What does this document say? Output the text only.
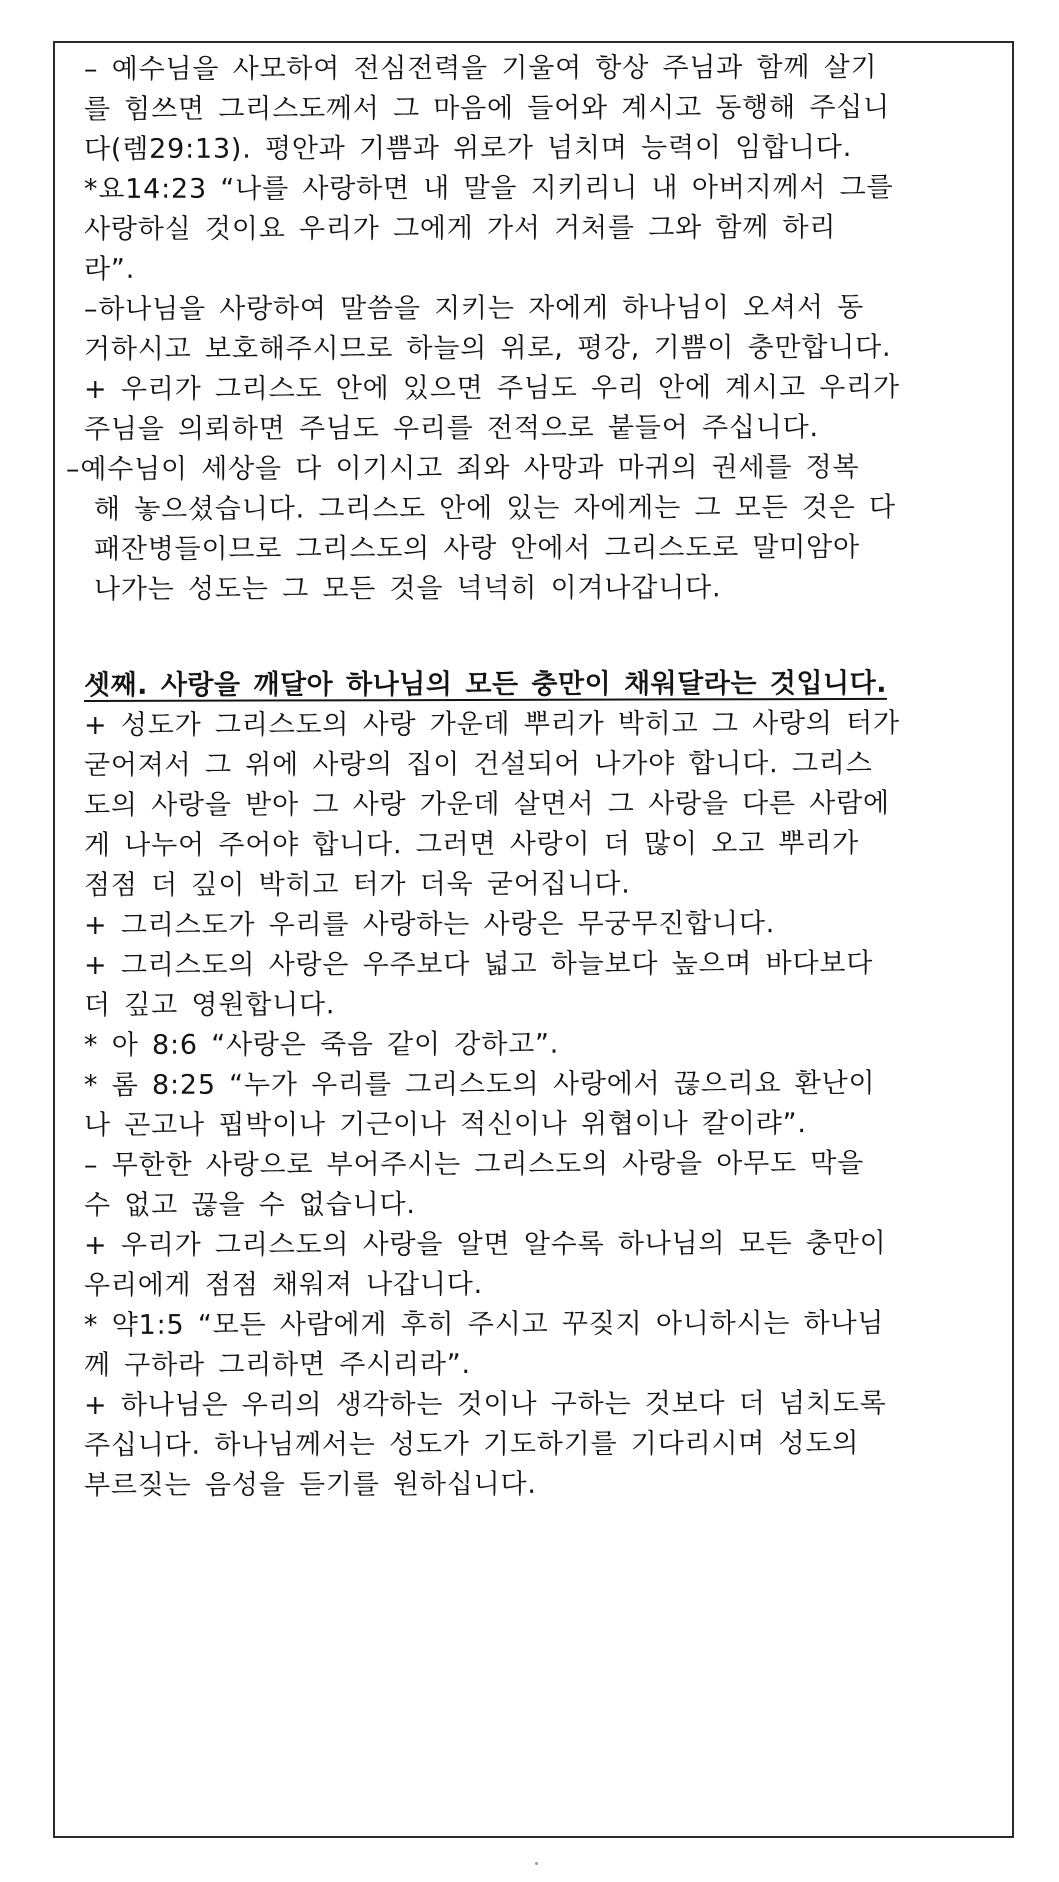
– 예수님을 사모하여 전심전력을 기울여 항상 주님과 함께 살기
를 힘쓰면 그리스도께서 그 마음에 들어와 계시고 동행해 주십니
다(렘29:13). 평안과 기쁨과 위로가 넘치며 능력이 임합니다.
*요14:23 “나를 사랑하면 내 말을 지키리니 내 아버지께서 그를
사랑하실 것이요 우리가 그에게 가서 거처를 그와 함께 하리
라”.
–하나님을 사랑하여 말씀을 지키는 자에게 하나님이 오셔서 동
거하시고 보호해주시므로 하늘의 위로, 평강, 기쁨이 충만합니다.
+ 우리가 그리스도 안에 있으면 주님도 우리 안에 계시고 우리가
주님을 의뢰하면 주님도 우리를 전적으로 붙들어 주십니다.
–예수님이 세상을 다 이기시고 죄와 사망과 마귀의 권세를 정복
해 놓으셨습니다. 그리스도 안에 있는 자에게는 그 모든 것은 다
패잔병들이므로 그리스도의 사랑 안에서 그리스도로 말미암아
나가는 성도는 그 모든 것을 넉넉히 이겨나갑니다.
셋째. 사랑을 깨달아 하나님의 모든 충만이 채워달라는 것입니다.
+ 성도가 그리스도의 사랑 가운데 뿌리가 박히고 그 사랑의 터가
굳어져서 그 위에 사랑의 집이 건설되어 나가야 합니다. 그리스
도의 사랑을 받아 그 사랑 가운데 살면서 그 사랑을 다른 사람에
게 나누어 주어야 합니다. 그러면 사랑이 더 많이 오고 뿌리가
점점 더 깊이 박히고 터가 더욱 굳어집니다.
+ 그리스도가 우리를 사랑하는 사랑은 무궁무진합니다.
+ 그리스도의 사랑은 우주보다 넓고 하늘보다 높으며 바다보다
더 깊고 영원합니다.
* 아 8:6 “사랑은 죽음 같이 강하고”.
* 롬 8:25 “누가 우리를 그리스도의 사랑에서 끊으리요 환난이
나 곤고나 핍박이나 기근이나 적신이나 위협이나 칼이랴”.
– 무한한 사랑으로 부어주시는 그리스도의 사랑을 아무도 막을
수 없고 끊을 수 없습니다.
+ 우리가 그리스도의 사랑을 알면 알수록 하나님의 모든 충만이
우리에게 점점 채워져 나갑니다.
* 약1:5 “모든 사람에게 후히 주시고 꾸짖지 아니하시는 하나님
께 구하라 그리하면 주시리라”.
+ 하나님은 우리의 생각하는 것이나 구하는 것보다 더 넘치도록
주십니다. 하나님께서는 성도가 기도하기를 기다리시며 성도의
부르짖는 음성을 듣기를 원하십니다.
